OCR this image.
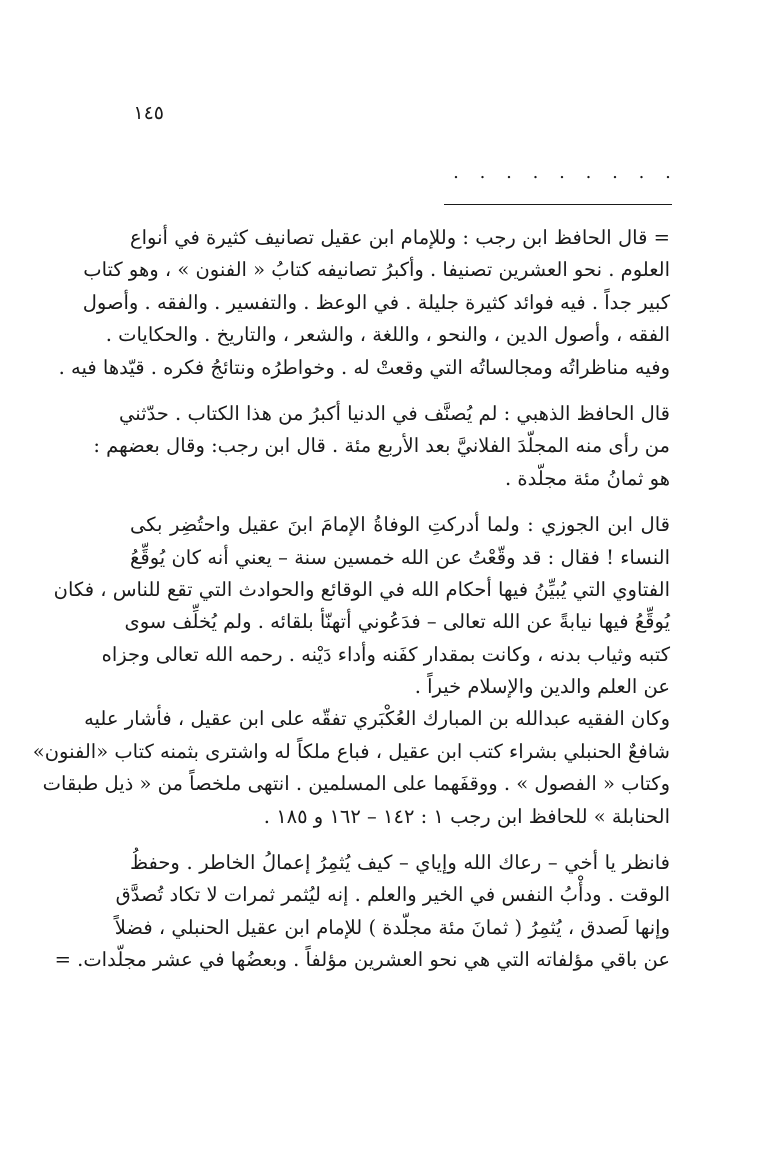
١٤٥
. . . . . . . . .
= قال الحافظ ابن رجب : وللإمام ابن عقيل تصانيف كثيرة في أنواع
العلوم . نحو العشرين تصنيفا . وأكبرُ تصانيفه كتابُ « الفنون » ، وهو كتاب
كبير جداً . فيه فوائد كثيرة جليلة . في الوعظ . والتفسير . والفقه . وأصول
الفقه ، وأصول الدين ، والنحو ، واللغة ، والشعر ، والتاريخ . والحكايات .
وفيه مناظراتُه ومجالساتُه التي وقعتْ له . وخواطرُه ونتائجُ فكره . قيّدها فيه .
قال الحافظ الذهبي : لم يُصنَّف في الدنيا أكبرُ من هذا الكتاب . حدّثني
من رأى منه المجلّدَ الفلانيَّ بعد الأربع مئة . قال ابن رجب: وقال بعضهم :
هو ثمانُ مئة مجلّدة .
قال ابن الجوزي : ولما أدركتِ الوفاةُ الإمامَ ابنَ عقيل واحتُضِر بكى
النساء ! فقال : قد وقّعْتُ عن الله خمسين سنة – يعني أنه كان يُوقِّعُ
الفتاوي التي يُبيِّنُ فيها أحكام الله في الوقائع والحوادث التي تقع للناس ، فكان
يُوقِّعُ فيها نيابةً عن الله تعالى – فدَعُوني أتهنّأ بلقائه . ولم يُخلِّف سوى
كتبه وثياب بدنه ، وكانت بمقدار كفَنه وأداء دَيْنه . رحمه الله تعالى وجزاه
عن العلم والدين والإسلام خيراً .
وكان الفقيه عبدالله بن المبارك العُكْبَري تفقّه على ابن عقيل ، فأشار عليه
شافعٌ الحنبلي بشراء كتب ابن عقيل ، فباع ملكاً له واشترى بثمنه كتاب «الفنون»
وكتاب « الفصول » . ووقفَهما على المسلمين . انتهى ملخصاً من « ذيل طبقات
الحنابلة » للحافظ ابن رجب ١ : ١٤٢ – ١٦٢ و ١٨٥ .
فانظر يا أخي – رعاك الله وإياي – كيف يُثمِرُ إعمالُ الخاطر . وحفظُ
الوقت . ودأْبُ النفس في الخير والعلم . إنه ليُثمر ثمرات لا تكاد تُصدَّق
وإنها لَصدق ، يُثمِرُ ( ثمانَ مئة مجلّدة ) للإمام ابن عقيل الحنبلي ، فضلاً
عن باقي مؤلفاته التي هي نحو العشرين مؤلفاً . وبعضُها في عشر مجلّدات. =
